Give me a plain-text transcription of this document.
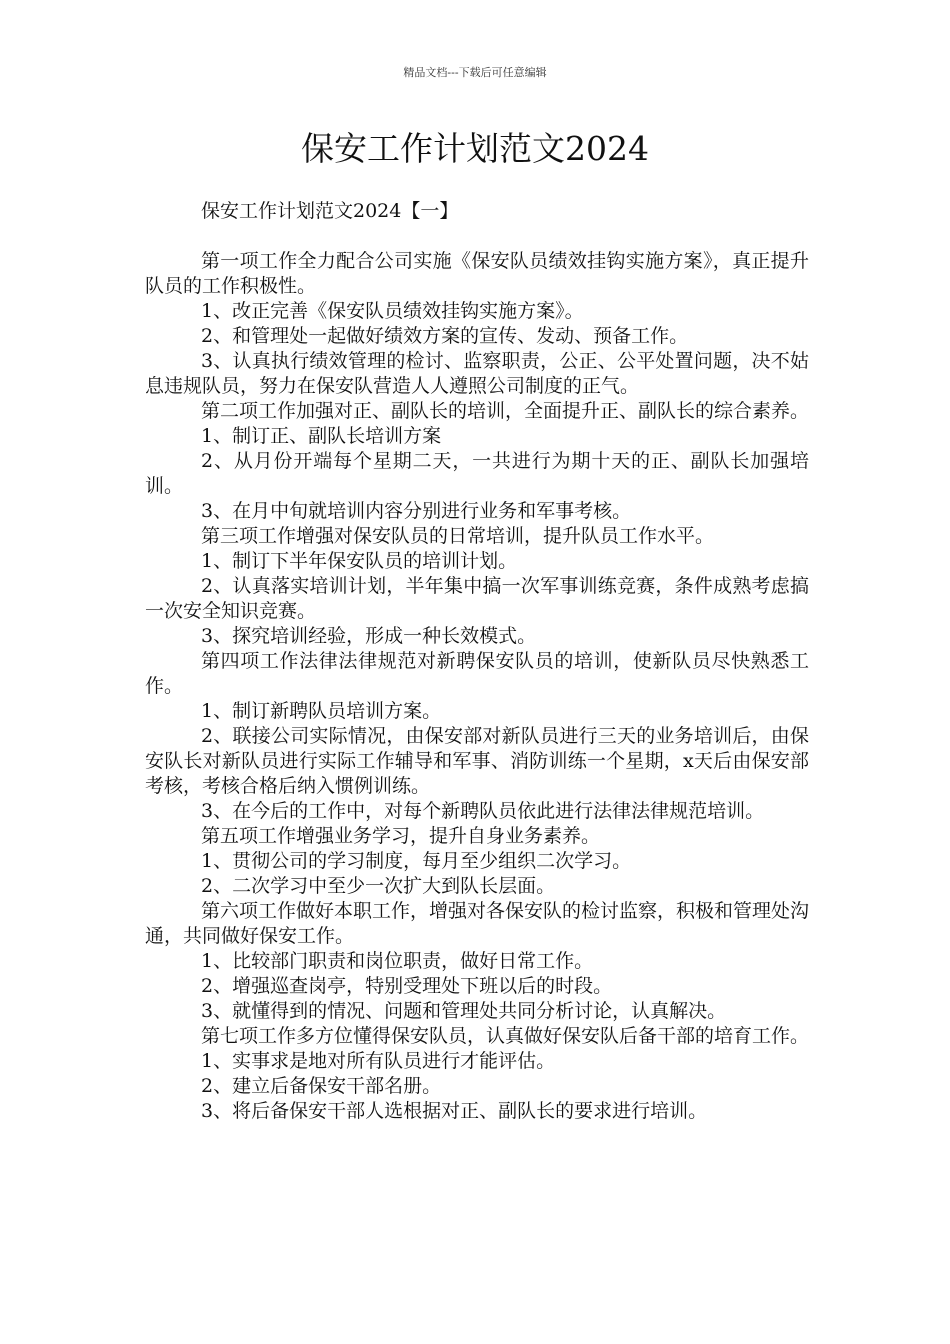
精品文档---下载后可任意编辑
保安工作计划范文2024
保安工作计划范文2024【一】

第一项工作全力配合公司实施《保安队员绩效挂钩实施方案》，真正提升队员的工作积极性。

1、改正完善《保安队员绩效挂钩实施方案》。

2、和管理处一起做好绩效方案的宣传、发动、预备工作。

3、认真执行绩效管理的检讨、监察职责，公正、公平处置问题，决不姑息违规队员，努力在保安队营造人人遵照公司制度的正气。

第二项工作加强对正、副队长的培训，全面提升正、副队长的综合素养。

1、制订正、副队长培训方案

2、从月份开端每个星期二天，一共进行为期十天的正、副队长加强培训。

3、在月中旬就培训内容分别进行业务和军事考核。

第三项工作增强对保安队员的日常培训，提升队员工作水平。

1、制订下半年保安队员的培训计划。

2、认真落实培训计划，半年集中搞一次军事训练竞赛，条件成熟考虑搞一次安全知识竞赛。

3、探究培训经验，形成一种长效模式。

第四项工作法律法律规范对新聘保安队员的培训，使新队员尽快熟悉工作。

1、制订新聘队员培训方案。

2、联接公司实际情况，由保安部对新队员进行三天的业务培训后，由保安队长对新队员进行实际工作辅导和军事、消防训练一个星期，x天后由保安部考核，考核合格后纳入惯例训练。

3、在今后的工作中，对每个新聘队员依此进行法律法律规范培训。

第五项工作增强业务学习，提升自身业务素养。

1、贯彻公司的学习制度，每月至少组织二次学习。

2、二次学习中至少一次扩大到队长层面。

第六项工作做好本职工作，增强对各保安队的检讨监察，积极和管理处沟通，共同做好保安工作。

1、比较部门职责和岗位职责，做好日常工作。

2、增强巡查岗亭，特别受理处下班以后的时段。

3、就懂得到的情况、问题和管理处共同分析讨论，认真解决。

第七项工作多方位懂得保安队员，认真做好保安队后备干部的培育工作。

1、实事求是地对所有队员进行才能评估。

2、建立后备保安干部名册。

3、将后备保安干部人选根据对正、副队长的要求进行培训。
